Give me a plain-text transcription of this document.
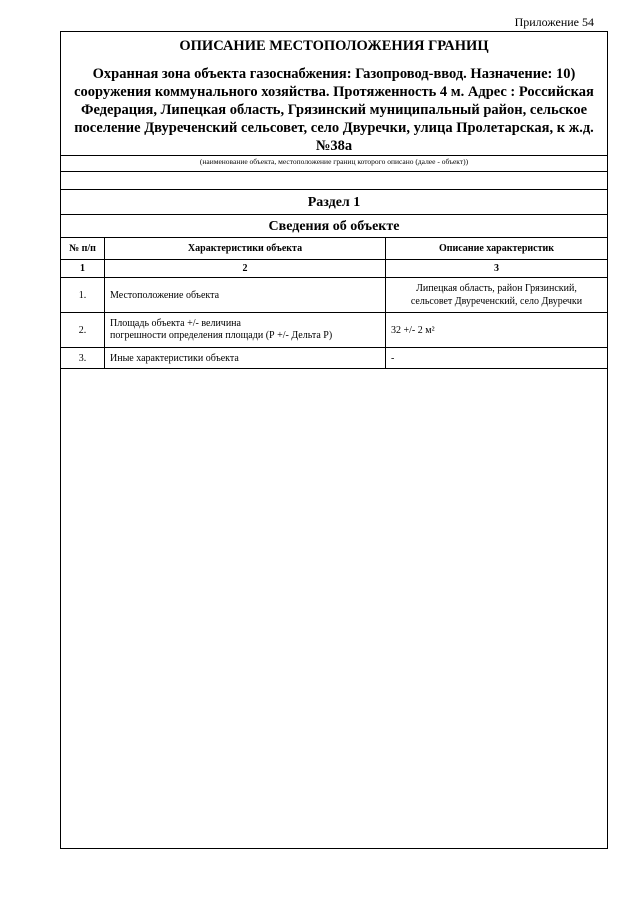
Приложение 54
ОПИСАНИЕ МЕСТОПОЛОЖЕНИЯ ГРАНИЦ
Охранная зона объекта газоснабжения: Газопровод-ввод. Назначение: 10) сооружения коммунального хозяйства. Протяженность 4 м. Адрес : Российская Федерация, Липецкая область, Грязинский муниципальный район, сельское поселение Двуреченский сельсовет, село Двуречки, улица Пролетарская, к ж.д. №38а
(наименование объекта, местоположение границ которого описано (далее - объект))
Раздел 1
Сведения об объекте
№ п/п	Характеристики объекта	Описание характеристик
1	2	3
1.	Местоположение объекта	Липецкая область, район Грязинский,
сельсовет Двуреченский, село Двуречки

2.	Площадь объекта +/- величина
погрешности определения площади (Р +/- Дельта Р)	32 +/- 2 м²
3.	Иные характеристики объекта	-
